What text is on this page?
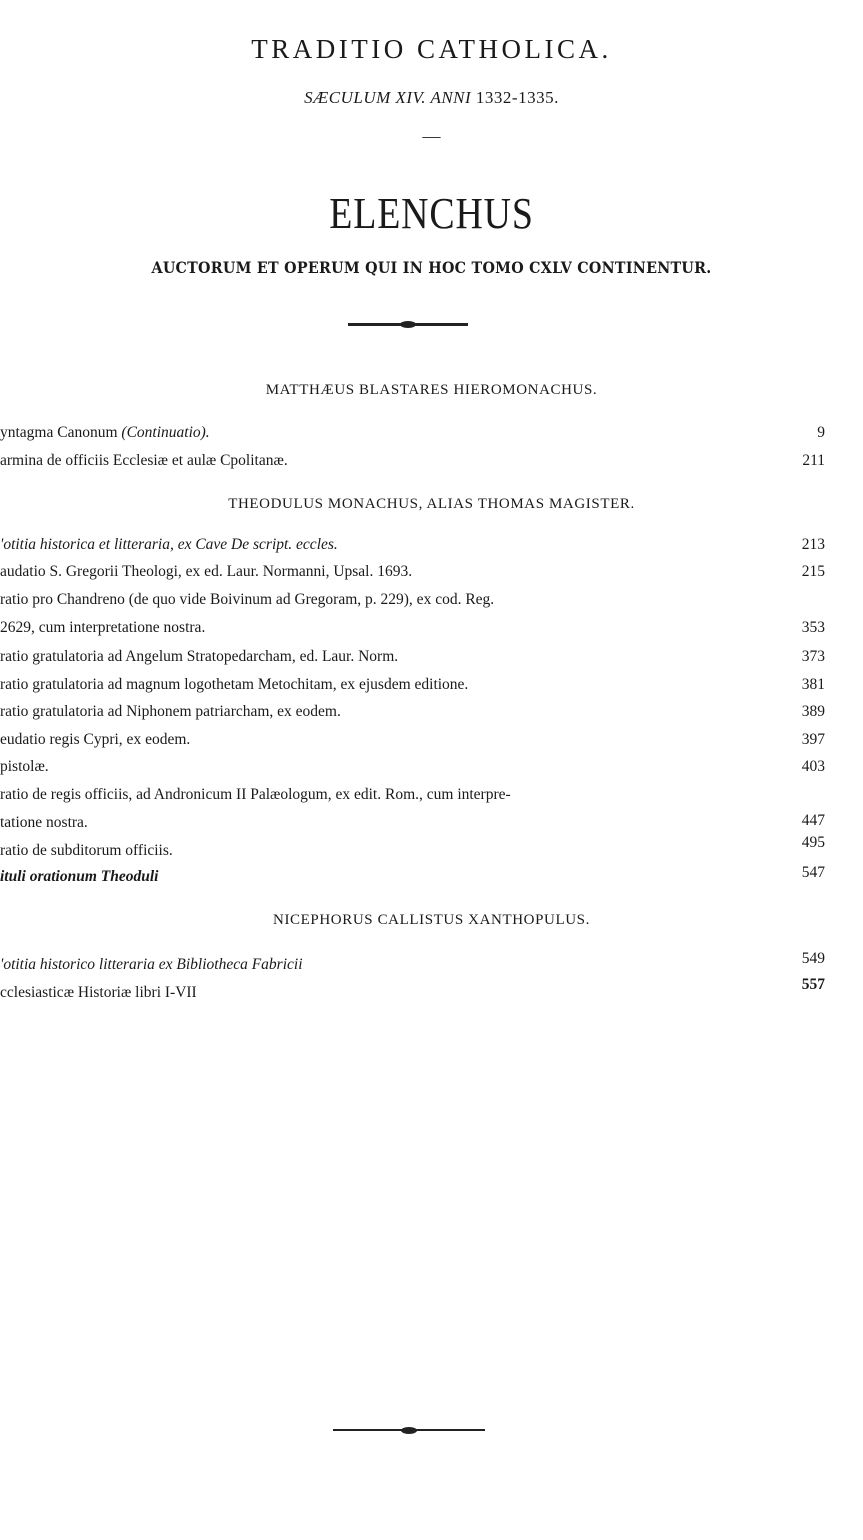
TRADITIO CATHOLICA.
SÆCULUM XIV. ANNI 1332-1335.
—
ELENCHUS
AUCTORUM ET OPERUM QUI IN HOC TOMO CXLV CONTINENTUR.
MATTHÆUS BLASTARES HIEROMONACHUS.
yntagma Canonum (Continuatio).	9
armina de officiis Ecclesiæ et aulæ Cpolitanæ.	211
THEODULUS MONACHUS, ALIAS THOMAS MAGISTER.
'otitia historica et litteraria, ex Cave De script. eccles.	213
audatio S. Gregorii Theologi, ex ed. Laur. Normanni, Upsal. 1693.	215
ratio pro Chandreno (de quo vide Boivinum ad Gregoram, p. 229), ex cod. Reg.
2629, cum interpretatione nostra.	353
ratio gratulatoria ad Angelum Stratopedarcham, ed. Laur. Norm.	373
ratio gratulatoria ad magnum logothetam Metochitam, ex ejusdem editione.	381
ratio gratulatoria ad Niphonem patriarcham, ex eodem.	389
eudatio regis Cypri, ex eodem.	397
pistolæ.	403
ratio de regis officiis, ad Andronicum II Palæologum, ex edit. Rom., cum interpre-
tatione nostra.	447
ratio de subditorum officiis.	495
ituli orationum Theoduli	547
NICEPHORUS CALLISTUS XANTHOPULUS.
'otitia historico litteraria ex Bibliotheca Fabricii	549
cclesiasticæ Historiæ libri I-VII	557
